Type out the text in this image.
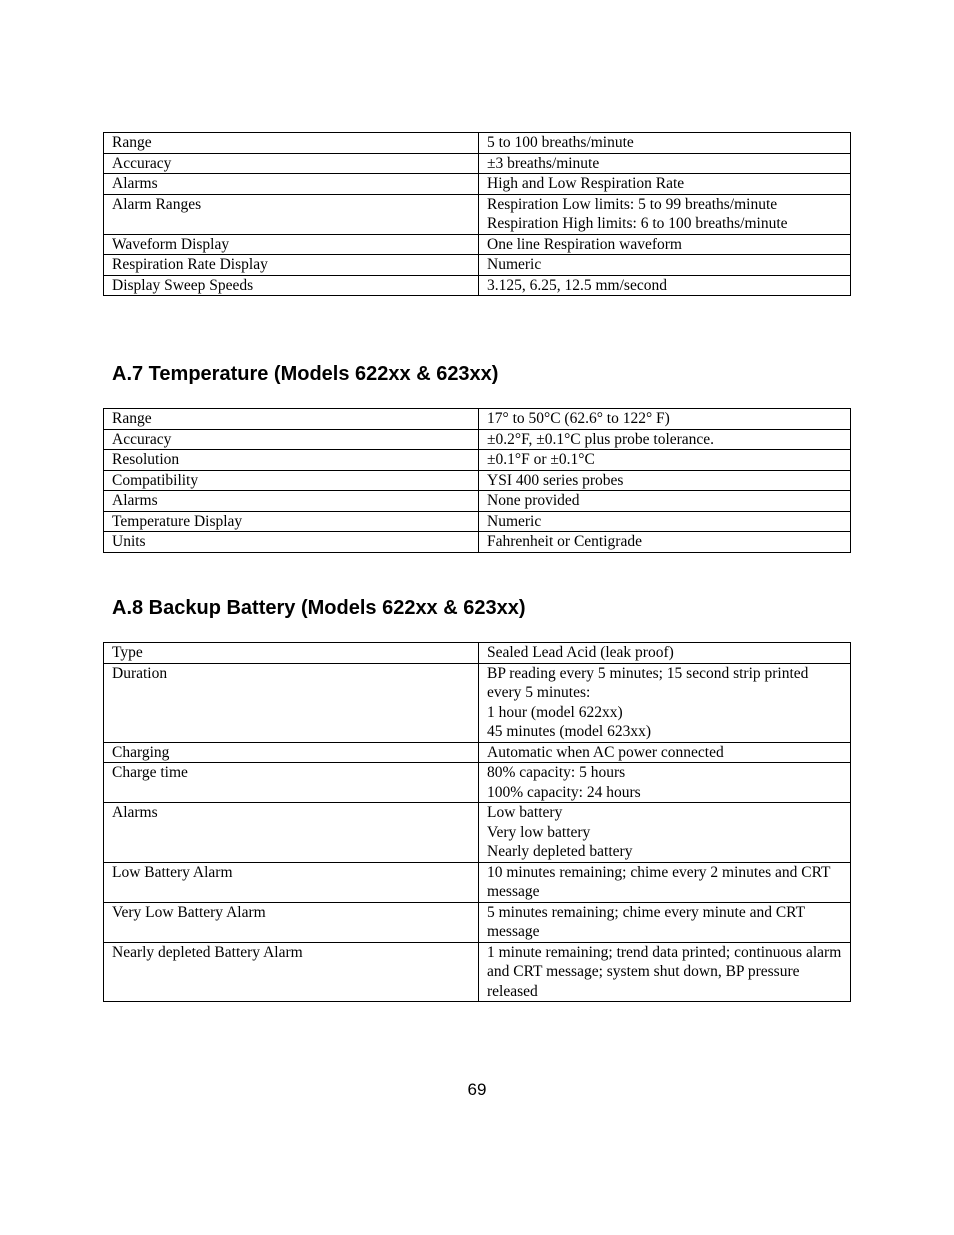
Range	5 to 100 breaths/minute
Accuracy	±3 breaths/minute
Alarms	High and Low Respiration Rate
Alarm Ranges	Respiration Low limits: 5 to 99 breaths/minute
Respiration High limits: 6 to 100 breaths/minute
Waveform Display	One line Respiration waveform
Respiration Rate Display	Numeric
Display Sweep Speeds	3.125, 6.25, 12.5 mm/second
A.7 Temperature (Models 622xx & 623xx)
Range	17° to 50°C (62.6° to 122° F)
Accuracy	±0.2°F, ±0.1°C plus probe tolerance.
Resolution	±0.1°F or ±0.1°C
Compatibility	YSI 400 series probes
Alarms	None provided
Temperature Display	Numeric
Units	Fahrenheit or Centigrade
A.8 Backup Battery (Models 622xx & 623xx)
Type	Sealed Lead Acid (leak proof)
Duration	BP reading every 5 minutes; 15 second strip printed every 5 minutes:
1 hour (model 622xx)
45 minutes (model 623xx)
Charging	Automatic when AC power connected
Charge time	80% capacity: 5 hours
100% capacity: 24 hours
Alarms	Low battery
Very low battery
Nearly depleted battery
Low Battery Alarm	10 minutes remaining; chime every 2 minutes and CRT message
Very Low Battery Alarm	5 minutes remaining; chime every minute and CRT message
Nearly depleted Battery Alarm	1 minute remaining; trend data printed; continuous alarm and CRT message; system shut down, BP pressure released
69
